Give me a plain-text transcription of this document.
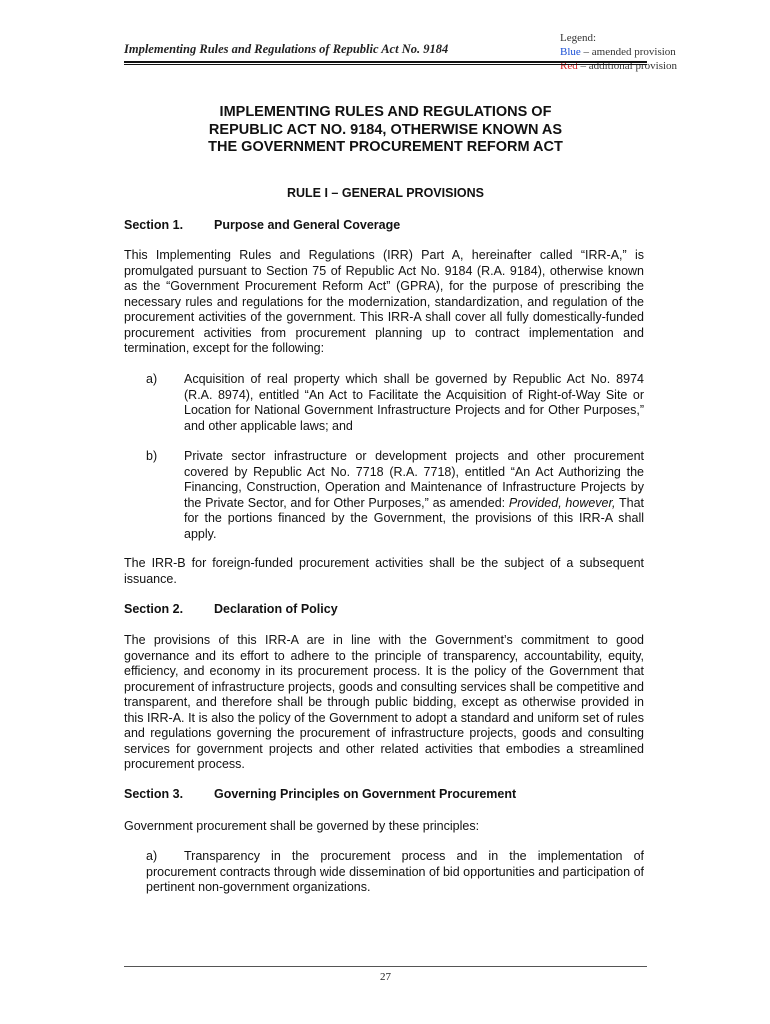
Implementing Rules and Regulations of Republic Act No. 9184
Legend:
Blue – amended provision
Red – additional provision
IMPLEMENTING RULES AND REGULATIONS OF
REPUBLIC ACT NO. 9184, OTHERWISE KNOWN AS
THE GOVERNMENT PROCUREMENT REFORM ACT
RULE I – GENERAL PROVISIONS
Section 1. Purpose and General Coverage
This Implementing Rules and Regulations (IRR) Part A, hereinafter called “IRR-A,” is promulgated pursuant to Section 75 of Republic Act No. 9184 (R.A. 9184), otherwise known as the “Government Procurement Reform Act” (GPRA), for the purpose of prescribing the necessary rules and regulations for the modernization, standardization, and regulation of the procurement activities of the government. This IRR-A shall cover all fully domestically-funded procurement activities from procurement planning up to contract implementation and termination, except for the following:
a) Acquisition of real property which shall be governed by Republic Act No. 8974 (R.A. 8974), entitled “An Act to Facilitate the Acquisition of Right-of-Way Site or Location for National Government Infrastructure Projects and for Other Purposes,” and other applicable laws; and
b) Private sector infrastructure or development projects and other procurement covered by Republic Act No. 7718 (R.A. 7718), entitled “An Act Authorizing the Financing, Construction, Operation and Maintenance of Infrastructure Projects by the Private Sector, and for Other Purposes,” as amended: Provided, however, That for the portions financed by the Government, the provisions of this IRR-A shall apply.
The IRR-B for foreign-funded procurement activities shall be the subject of a subsequent issuance.
Section 2. Declaration of Policy
The provisions of this IRR-A are in line with the Government’s commitment to good governance and its effort to adhere to the principle of transparency, accountability, equity, efficiency, and economy in its procurement process. It is the policy of the Government that procurement of infrastructure projects, goods and consulting services shall be competitive and transparent, and therefore shall be through public bidding, except as otherwise provided in this IRR-A. It is also the policy of the Government to adopt a standard and uniform set of rules and regulations governing the procurement of infrastructure projects, goods and consulting services for government projects and other related activities that embodies a streamlined procurement process.
Section 3. Governing Principles on Government Procurement
Government procurement shall be governed by these principles:
a) Transparency in the procurement process and in the implementation of procurement contracts through wide dissemination of bid opportunities and participation of pertinent non-government organizations.
27
